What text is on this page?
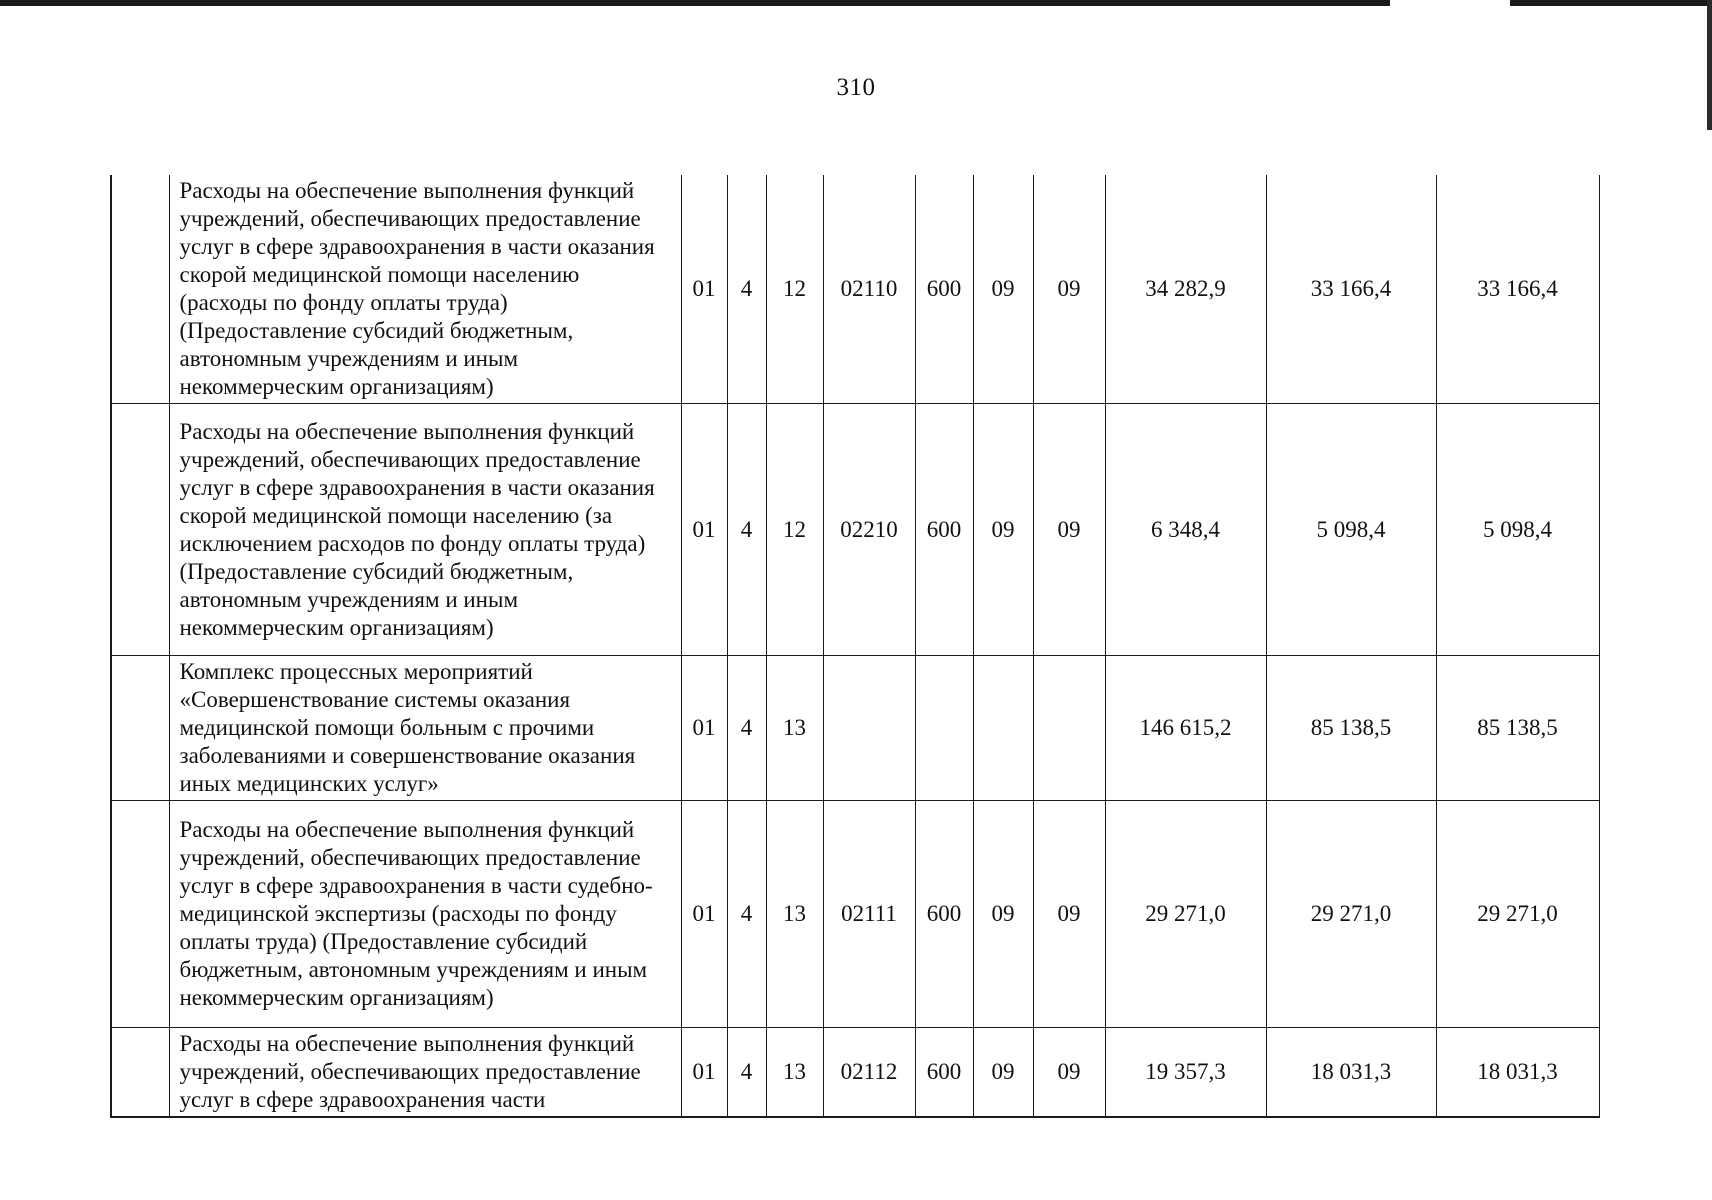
310
	Расходы на обеспечение выполнения функций учреждений, обеспечивающих предоставление услуг в сфере здравоохранения в части оказания скорой медицинской помощи населению (расходы по фонду оплаты труда) (Предоставление субсидий бюджетным, автономным учреждениям и иным некоммерческим организациям)	01	4	12	02110	600	09	09	34 282,9	33 166,4	33 166,4
	Расходы на обеспечение выполнения функций учреждений, обеспечивающих предоставление услуг в сфере здравоохранения в части оказания скорой медицинской помощи населению (за исключением расходов по фонду оплаты труда) (Предоставление субсидий бюджетным, автономным учреждениям и иным некоммерческим организациям)	01	4	12	02210	600	09	09	6 348,4	5 098,4	5 098,4
	Комплекс процессных мероприятий «Совершенствование системы оказания медицинской помощи больным с прочими заболеваниями и совершенствование оказания иных медицинских услуг»	01	4	13					146 615,2	85 138,5	85 138,5
	Расходы на обеспечение выполнения функций учреждений, обеспечивающих предоставление услуг в сфере здравоохранения в части судебно-медицинской экспертизы (расходы по фонду оплаты труда) (Предоставление субсидий бюджетным, автономным учреждениям и иным некоммерческим организациям)	01	4	13	02111	600	09	09	29 271,0	29 271,0	29 271,0
	Расходы на обеспечение выполнения функций учреждений, обеспечивающих предоставление услуг в сфере здравоохранения части	01	4	13	02112	600	09	09	19 357,3	18 031,3	18 031,3
